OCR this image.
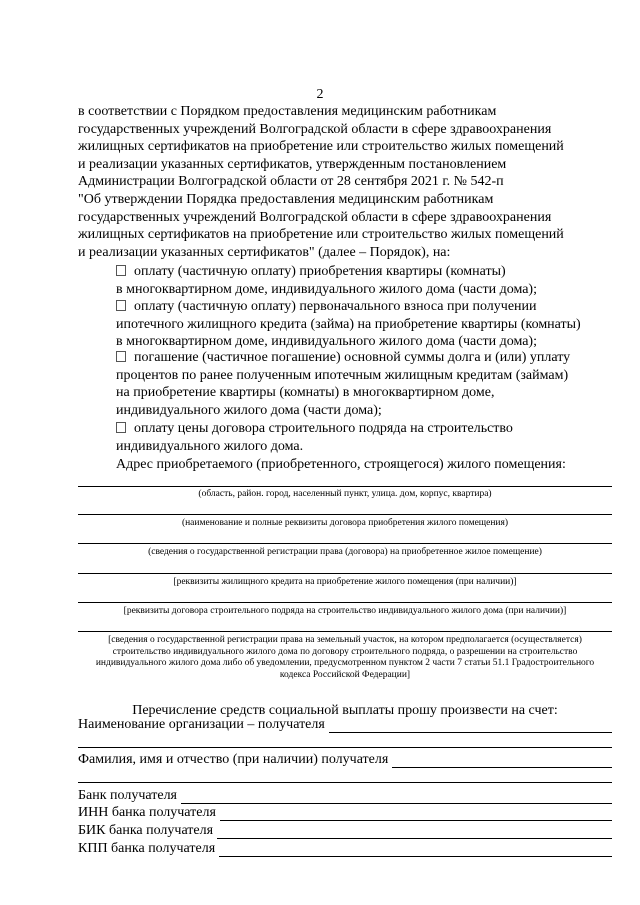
2

в соответствии с Порядком предоставления медицинским работникам

государственных учреждений Волгоградской области в сфере здравоохранения

жилищных сертификатов на приобретение или строительство жилых помещений

и реализации указанных сертификатов, утвержденным постановлением

Администрации Волгоградской области от 28 сентября 2021 г. № 542-п

"Об утверждении Порядка предоставления медицинским работникам

государственных учреждений Волгоградской области в сфере здравоохранения

жилищных сертификатов на приобретение или строительство жилых помещений

и реализации указанных сертификатов" (далее – Порядок), на:

оплату (частичную оплату) приобретения квартиры (комнаты)
в многоквартирном доме, индивидуального жилого дома (части дома);
оплату (частичную оплату) первоначального взноса при получении
ипотечного жилищного кредита (займа) на приобретение квартиры (комнаты)
в многоквартирном доме, индивидуального жилого дома (части дома);
погашение (частичное погашение) основной суммы долга и (или) уплату
процентов по ранее полученным ипотечным жилищным кредитам (займам)
на приобретение квартиры (комнаты) в многоквартирном доме,
индивидуального жилого дома (части дома);
оплату цены договора строительного подряда на строительство
индивидуального жилого дома.
Адрес приобретаемого (приобретенного, строящегося) жилого помещения:
(область, район. город, населенный пункт, улица. дом, корпус, квартира)
(наименование и полные реквизиты договора приобретения жилого помещения)
(сведения о государственной регистрации права (договора) на приобретенное жилое помещение)
[реквизиты жилищного кредита на приобретение жилого помещения (при наличии)]
[реквизиты договора строительного подряда на строительство индивидуального жилого дома (при наличии)]
[сведения о государственной регистрации права на земельный участок, на котором предполагается (осуществляется)
строительство индивидуального жилого дома по договору строительного подряда, о разрешении на строительство
индивидуального жилого дома либо об уведомлении, предусмотренном пунктом 2 части 7 статьи 51.1 Градостроительного
кодекса Российской Федерации]
Перечисление средств социальной выплаты прошу произвести на счет:
Наименование организации – получателя
Фамилия, имя и отчество (при наличии) получателя
Банк получателя
ИНН банка получателя
БИК банка получателя
КПП банка получателя
